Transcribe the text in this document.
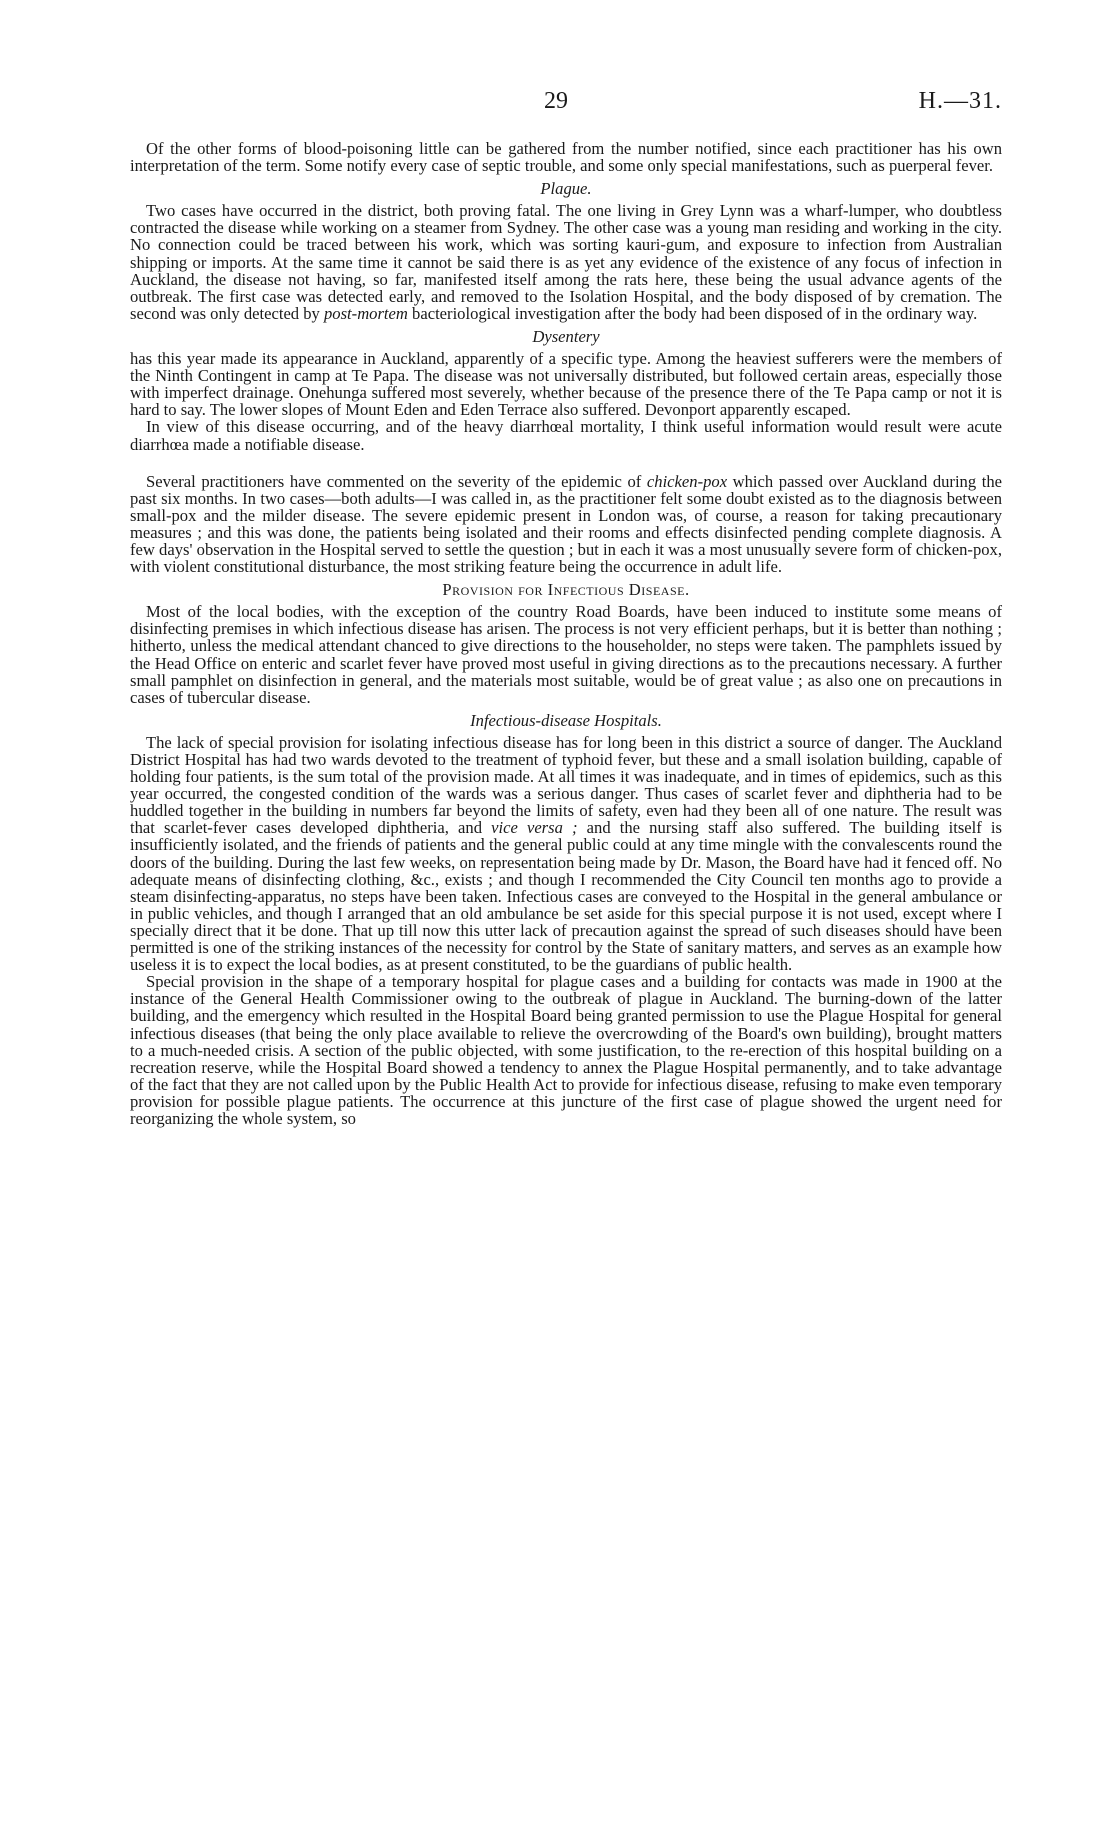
29	H.—31.

Of the other forms of blood-poisoning little can be gathered from the number notified, since each practitioner has his own interpretation of the term. Some notify every case of septic trouble, and some only special manifestations, such as puerperal fever.

Plague.

Two cases have occurred in the district, both proving fatal. The one living in Grey Lynn was a wharf-lumper, who doubtless contracted the disease while working on a steamer from Sydney. The other case was a young man residing and working in the city. No connection could be traced between his work, which was sorting kauri-gum, and exposure to infection from Australian shipping or imports. At the same time it cannot be said there is as yet any evidence of the existence of any focus of infection in Auckland, the disease not having, so far, manifested itself among the rats here, these being the usual advance agents of the outbreak. The first case was detected early, and removed to the Isolation Hospital, and the body disposed of by cremation. The second was only detected by post-mortem bacteriological investigation after the body had been disposed of in the ordinary way.

Dysentery

has this year made its appearance in Auckland, apparently of a specific type. Among the heaviest sufferers were the members of the Ninth Contingent in camp at Te Papa. The disease was not universally distributed, but followed certain areas, especially those with imperfect drainage. Onehunga suffered most severely, whether because of the presence there of the Te Papa camp or not it is hard to say. The lower slopes of Mount Eden and Eden Terrace also suffered. Devonport apparently escaped.

In view of this disease occurring, and of the heavy diarrhœal mortality, I think useful information would result were acute diarrhœa made a notifiable disease.

Several practitioners have commented on the severity of the epidemic of chicken-pox which passed over Auckland during the past six months. In two cases—both adults—I was called in, as the practitioner felt some doubt existed as to the diagnosis between small-pox and the milder disease. The severe epidemic present in London was, of course, a reason for taking precautionary measures ; and this was done, the patients being isolated and their rooms and effects disinfected pending complete diagnosis. A few days' observation in the Hospital served to settle the question ; but in each it was a most unusually severe form of chicken-pox, with violent constitutional disturbance, the most striking feature being the occurrence in adult life.

Provision for Infectious Disease.

Most of the local bodies, with the exception of the country Road Boards, have been induced to institute some means of disinfecting premises in which infectious disease has arisen. The process is not very efficient perhaps, but it is better than nothing ; hitherto, unless the medical attendant chanced to give directions to the householder, no steps were taken. The pamphlets issued by the Head Office on enteric and scarlet fever have proved most useful in giving directions as to the precautions necessary. A further small pamphlet on disinfection in general, and the materials most suitable, would be of great value ; as also one on precautions in cases of tubercular disease.

Infectious-disease Hospitals.

The lack of special provision for isolating infectious disease has for long been in this district a source of danger. The Auckland District Hospital has had two wards devoted to the treatment of typhoid fever, but these and a small isolation building, capable of holding four patients, is the sum total of the provision made. At all times it was inadequate, and in times of epidemics, such as this year occurred, the congested condition of the wards was a serious danger. Thus cases of scarlet fever and diphtheria had to be huddled together in the building in numbers far beyond the limits of safety, even had they been all of one nature. The result was that scarlet-fever cases developed diphtheria, and vice versa ; and the nursing staff also suffered. The building itself is insufficiently isolated, and the friends of patients and the general public could at any time mingle with the convalescents round the doors of the building. During the last few weeks, on representation being made by Dr. Mason, the Board have had it fenced off. No adequate means of disinfecting clothing, &c., exists ; and though I recommended the City Council ten months ago to provide a steam disinfecting-apparatus, no steps have been taken. Infectious cases are conveyed to the Hospital in the general ambulance or in public vehicles, and though I arranged that an old ambulance be set aside for this special purpose it is not used, except where I specially direct that it be done. That up till now this utter lack of precaution against the spread of such diseases should have been permitted is one of the striking instances of the necessity for control by the State of sanitary matters, and serves as an example how useless it is to expect the local bodies, as at present constituted, to be the guardians of public health.

Special provision in the shape of a temporary hospital for plague cases and a building for contacts was made in 1900 at the instance of the General Health Commissioner owing to the outbreak of plague in Auckland. The burning-down of the latter building, and the emergency which resulted in the Hospital Board being granted permission to use the Plague Hospital for general infectious diseases (that being the only place available to relieve the overcrowding of the Board's own building), brought matters to a much-needed crisis. A section of the public objected, with some justification, to the re-erection of this hospital building on a recreation reserve, while the Hospital Board showed a tendency to annex the Plague Hospital permanently, and to take advantage of the fact that they are not called upon by the Public Health Act to provide for infectious disease, refusing to make even temporary provision for possible plague patients. The occurrence at this juncture of the first case of plague showed the urgent need for reorganizing the whole system, so
